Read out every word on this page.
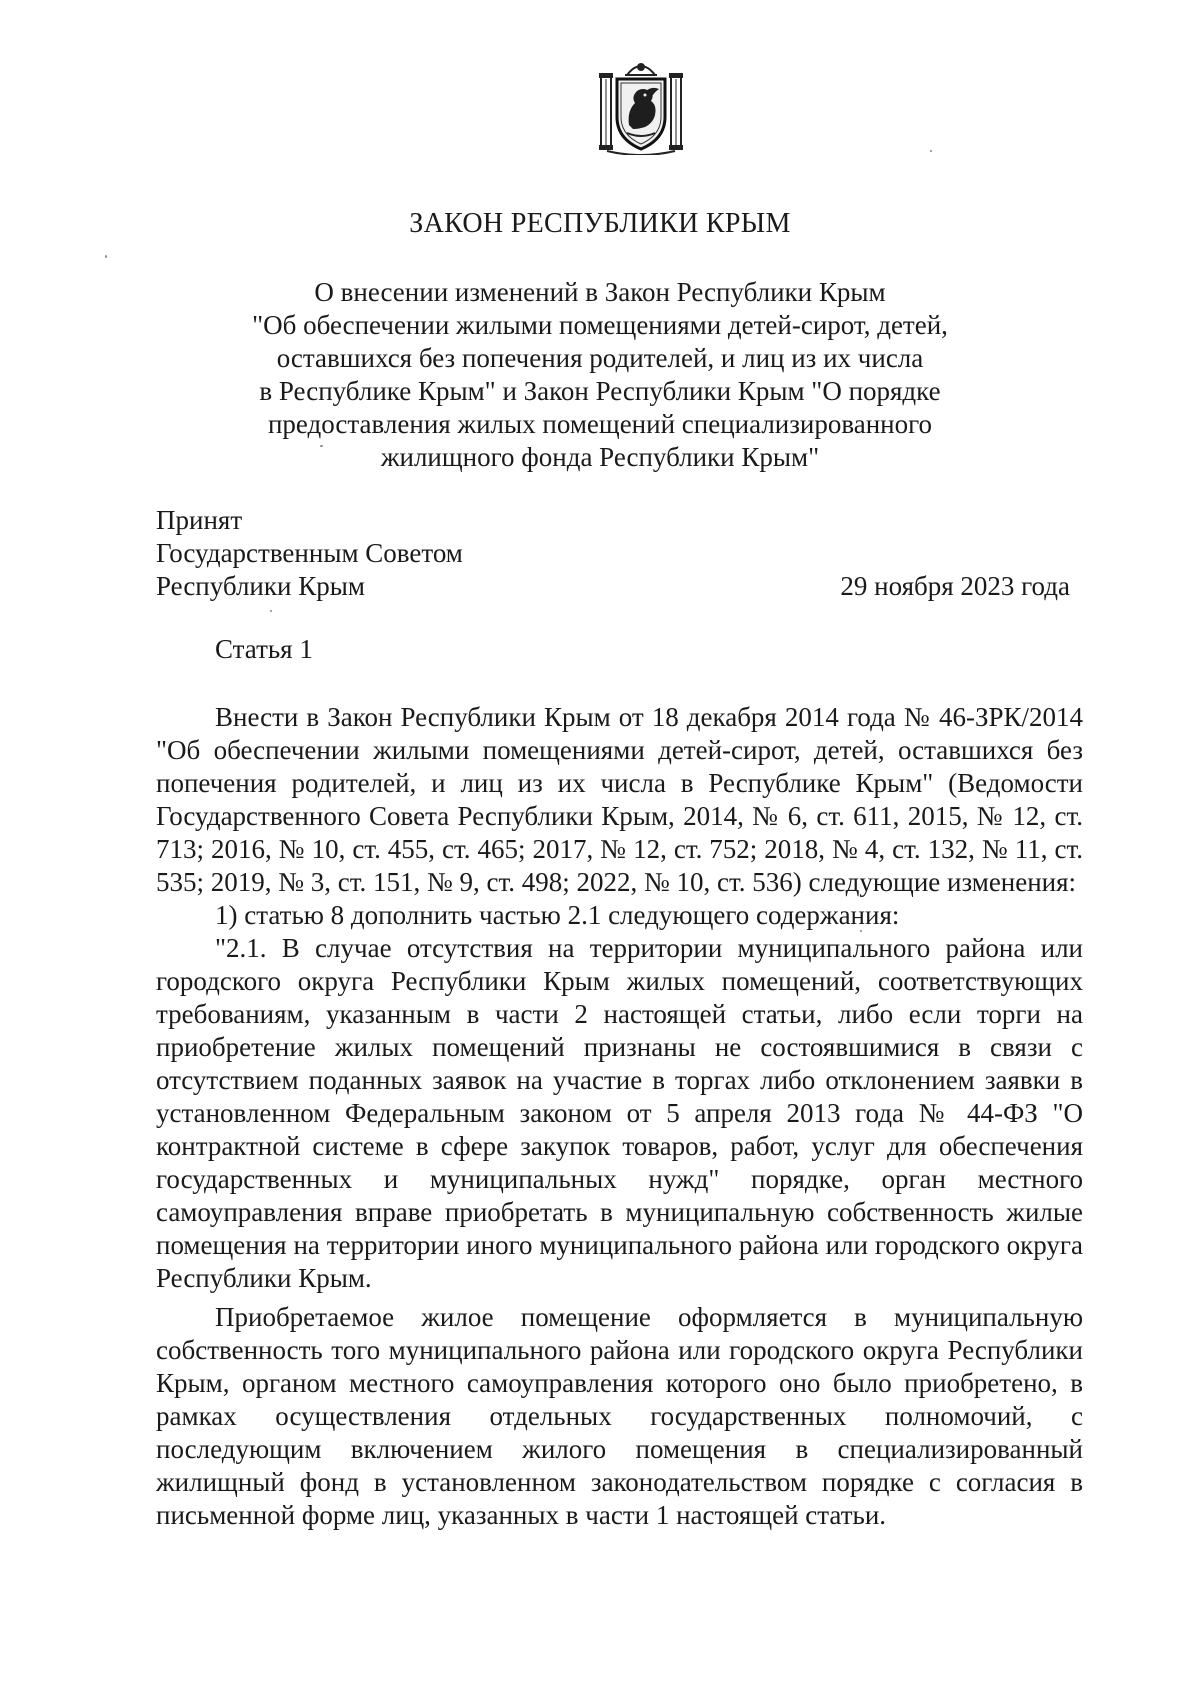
ЗАКОН РЕСПУБЛИКИ КРЫМ
О внесении изменений в Закон Республики Крым
"Об обеспечении жилыми помещениями детей-сирот, детей,
оставшихся без попечения родителей, и лиц из их числа
в Республике Крым" и Закон Республики Крым "О порядке
предоставления жилых помещений специализированного
жилищного фонда Республики Крым"
Принят
Государственным Советом
Республики Крым	29 ноября 2023 года
Статья 1

Внести в Закон Республики Крым от 18 декабря 2014 года № 46-ЗРК/2014 "Об обеспечении жилыми помещениями детей-сирот, детей, оставшихся без попечения родителей, и лиц из их числа в Республике Крым" (Ведомости Государственного Совета Республики Крым, 2014, № 6, ст. 611, 2015, № 12, ст. 713; 2016, № 10, ст. 455, ст. 465; 2017, № 12, ст. 752; 2018, № 4, ст. 132, № 11, ст. 535; 2019, № 3, ст. 151, № 9, ст. 498; 2022, № 10, ст. 536) следующие изменения:

1) статью 8 дополнить частью 2.1 следующего содержания:

"2.1. В случае отсутствия на территории муниципального района или городского округа Республики Крым жилых помещений, соответствующих требованиям, указанным в части 2 настоящей статьи, либо если торги на приобретение жилых помещений признаны не состоявшимися в связи с отсутствием поданных заявок на участие в торгах либо отклонением заявки в установленном Федеральным законом от 5 апреля 2013 года № 44-ФЗ "О контрактной системе в сфере закупок товаров, работ, услуг для обеспечения государственных и муниципальных нужд" порядке, орган местного самоуправления вправе приобретать в муниципальную собственность жилые помещения на территории иного муниципального района или городского округа Республики Крым.

Приобретаемое жилое помещение оформляется в муниципальную собственность того муниципального района или городского округа Республики Крым, органом местного самоуправления которого оно было приобретено, в рамках осуществления отдельных государственных полномочий, с последующим включением жилого помещения в специализированный жилищный фонд в установленном законодательством порядке с согласия в письменной форме лиц, указанных в части 1 настоящей статьи.
